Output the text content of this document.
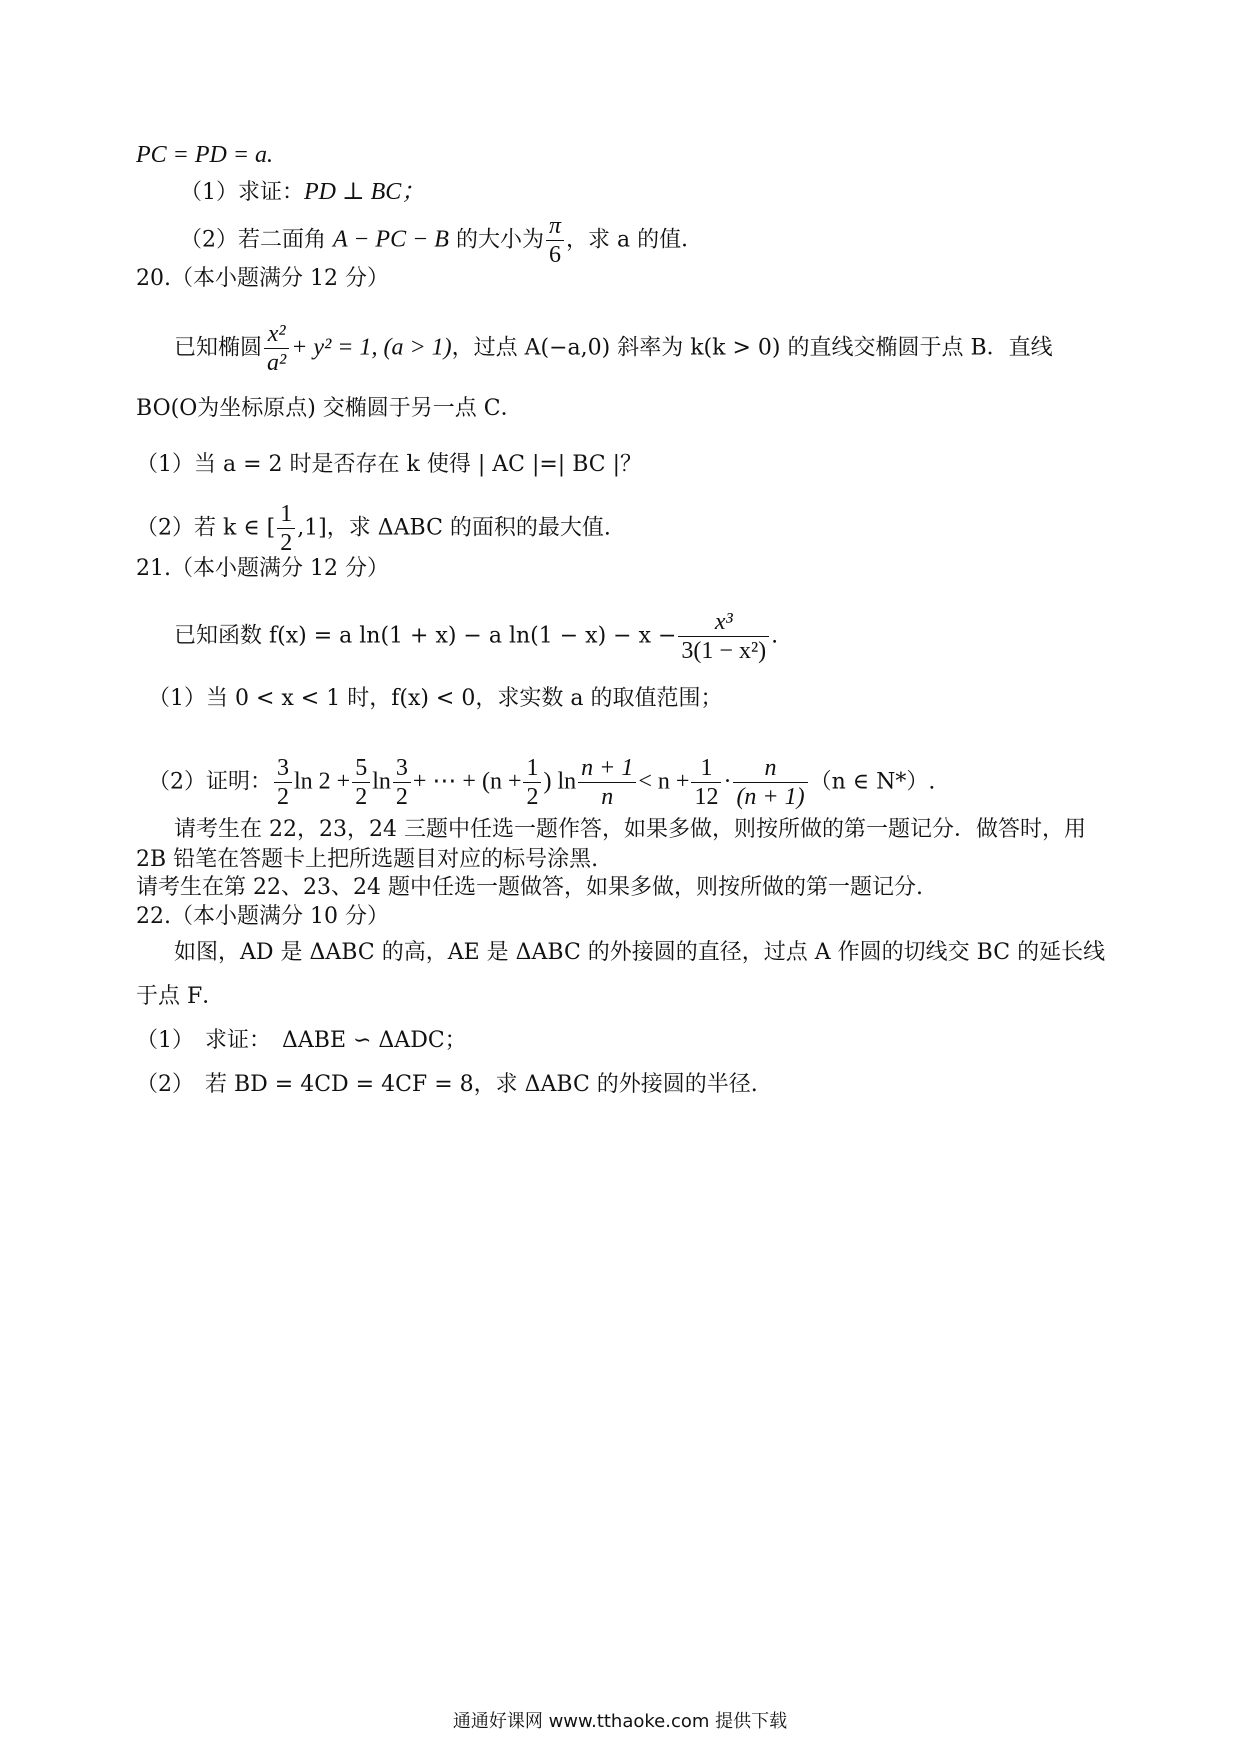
PC = PD = a.
（1）求证：PD ⊥ BC；
（2）若二面角 A − PC − B 的大小为 $\frac{\pi}{6}$ ，求 a 的值．
20.（本小题满分 12 分）
已知椭圆 $\frac{\text{x²}}{\text{a²}} + y^2 = 1$, (a > 1)，过点 A(−a,0) 斜率为 k(k > 0) 的直线交椭圆于点 B．直线
BO(O为坐标原点) 交椭圆于另一点 C．
（1）当 a = 2 时是否存在 k 使得 | AC |=| BC |？
（2）若 k ∈ [ $\frac{1}{2} ,1$]，求 ΔABC 的面积的最大值.
21.（本小题满分 12 分）
已知函数 f(x) = a ln(1 + x) − a $\ln(1 - x) - x - \frac{\text{x³}}{\text{3(1 − x²)}}$ .
（1）当 0 < x < 1 时，f(x) < 0，求实数 a 的取值范围；
（2）证明： $\frac{3}{2}$ $\ln 2 + \frac{5}{2}$ $\ln \frac{3}{2}$ + ⋯ + ($n + \frac{1}{2}$ ) $\ln \frac{n + 1}{n} < n + \frac{1}{12} \cdot \frac{n}{(n + 1)} (n$ ∈ N*）.
请考生在 22，23，24 三题中任选一题作答，如果多做，则按所做的第一题记分．做答时，用
2B 铅笔在答题卡上把所选题目对应的标号涂黑.
请考生在第 22、23、24 题中任选一题做答，如果多做，则按所做的第一题记分.
22.（本小题满分 10 分）
如图，AD 是 ΔABC 的高，AE 是 ΔABC 的外接圆的直径，过点 A 作圆的切线交 BC 的延长线
于点 F．
（1）　求证：　ΔABE ∽ ΔADC；
（2）　若 BD = 4CD = 4CF = 8，求 ΔABC 的外接圆的半径.
通通好课网 www.tthaoke.com 提供下载
